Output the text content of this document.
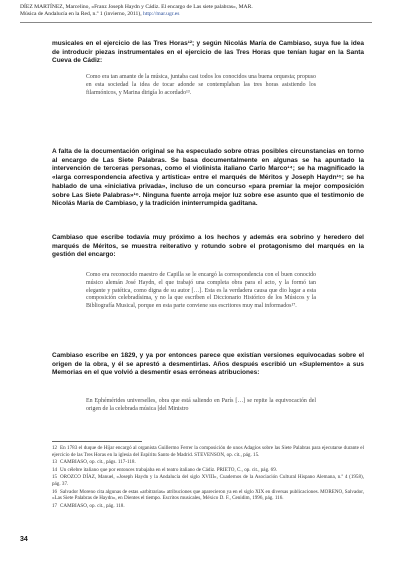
DÍEZ MARTÍNEZ, Marcelino, «Franz Joseph Haydn y Cádiz. El encargo de Las siete palabras», MAR.
Música de Andalucía en la Red, n.º 1 (invierno, 2011), http://mar.ugr.es
musicales en el ejercicio de las Tres Horas¹²; y según Nicolás María de Cambiaso, suya fue la idea de introducir piezas instrumentales en el ejercicio de las Tres Horas que tenían lugar en la Santa Cueva de Cádiz:
Como era tan amante de la música, juntaba casi todos los conocidos una buena orquesta; propuso en esta sociedad la idea de tocar adonde se contemplaban las tres horas asistiendo los filarmónicos, y Marina dirigía lo acordado¹³.
A falta de la documentación original se ha especulado sobre otras posibles circunstancias en torno al encargo de Las Siete Palabras. Se basa documentalmente en algunas se ha apuntado la intervención de terceras personas, como el violinista italiano Carlo Marco¹⁴; se ha magnificado la «larga correspondencia afectiva y artística» entre el marqués de Méritos y Joseph Haydn¹⁵; se ha hablado de una «iniciativa privada», incluso de un concurso «para premiar la mejor composición sobre Las Siete Palabras»¹⁶. Ninguna fuente arroja mejor luz sobre ese asunto que el testimonio de Nicolás María de Cambiaso, y la tradición ininterrumpida gaditana.
Cambiaso que escribe todavía muy próximo a los hechos y además era sobrino y heredero del marqués de Méritos, se muestra reiterativo y rotundo sobre el protagonismo del marqués en la gestión del encargo:
Como era reconocido maestro de Capilla se le encargó la correspondencia con el buen conocido músico alemán José Haydn, el que trabajó una completa obra para el acto, y la formó tan elegante y patética, como digna de su autor […]. Esta es la verdadera causa que dio lugar a esta composición celebradísima, y no la que escriben el Diccionario Histórico de los Músicos y la Bibliografía Musical, porque en esta parte conviene sus escritores muy mal informados¹⁷.
Cambiaso escribe en 1829, y ya por entonces parece que existían versiones equivocadas sobre el origen de la obra, y él se aprestó a desmentirlas. Años después escribió un «Suplemento» a sus Memorias en el que volvió a desmentir esas erróneas atribuciones:
En Ephémérides universelles, obra que está saliendo en París […] se repite la equivocación del origen de la celebrada música [del Ministro
12 En 1783 el duque de Híjar encargó al organista Guillermo Ferrer la composición de unos Adagios sobre las Siete Palabras para ejecutarse durante el ejercicio de las Tres Horas en la iglesia del Espíritu Santo de Madrid. STEVENSON, op. cit., pág. 15.
13 CAMBIASO, op. cit., págs. 117-118.
14 Un célebre italiano que por entonces trabajaba en el teatro italiano de Cádiz. PRIETO, C., op. cit., pág. 69.
15 OROZCO DÍAZ, Manuel, «Joseph Haydn y la Andalucía del siglo XVIII», Cuadernos de la Asociación Cultural Hispano Alemana, n.º 4 (1958), pág. 37.
16 Salvador Moreno cita algunas de estas «arbitrarias» atribuciones que aparecieron ya en el siglo XIX en diversas publicaciones. MORENO, Salvador, «Las Siete Palabras de Haydn», en Dientes el tiempo. Escritos musicales, México D. F., Cenidim, 1996, pág. 116.
17 CAMBIASO, op. cit., pág. 118.
34
